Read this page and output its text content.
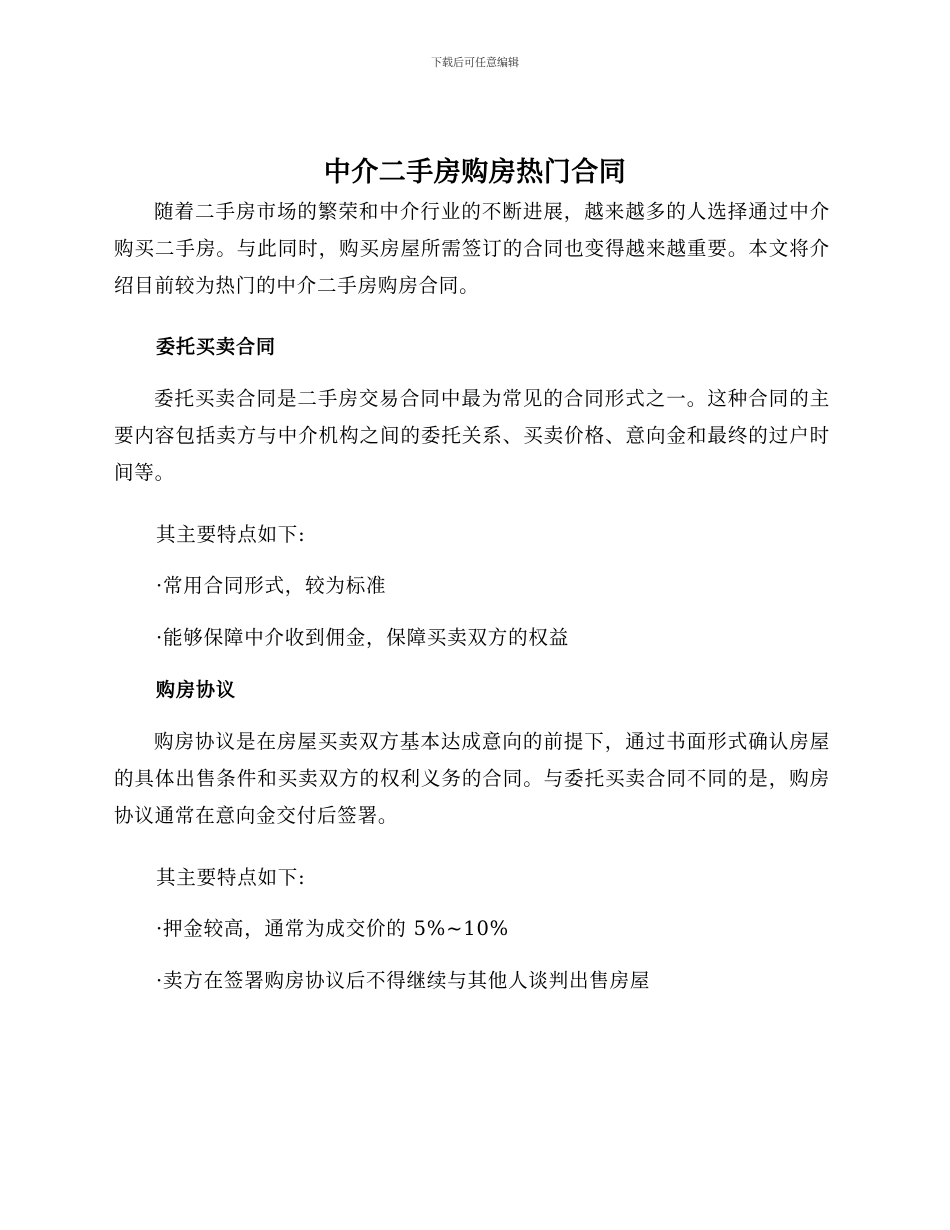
下载后可任意编辑
中介二手房购房热门合同

随着二手房市场的繁荣和中介行业的不断进展，越来越多的人选择通过中介购买二手房。与此同时，购买房屋所需签订的合同也变得越来越重要。本文将介绍目前较为热门的中介二手房购房合同。

委托买卖合同

委托买卖合同是二手房交易合同中最为常见的合同形式之一。这种合同的主要内容包括卖方与中介机构之间的委托关系、买卖价格、意向金和最终的过户时间等。

其主要特点如下:

·常用合同形式，较为标准

·能够保障中介收到佣金，保障买卖双方的权益

购房协议

购房协议是在房屋买卖双方基本达成意向的前提下，通过书面形式确认房屋的具体出售条件和买卖双方的权利义务的合同。与委托买卖合同不同的是，购房协议通常在意向金交付后签署。

其主要特点如下:

·押金较高，通常为成交价的 5%~10%

·卖方在签署购房协议后不得继续与其他人谈判出售房屋
